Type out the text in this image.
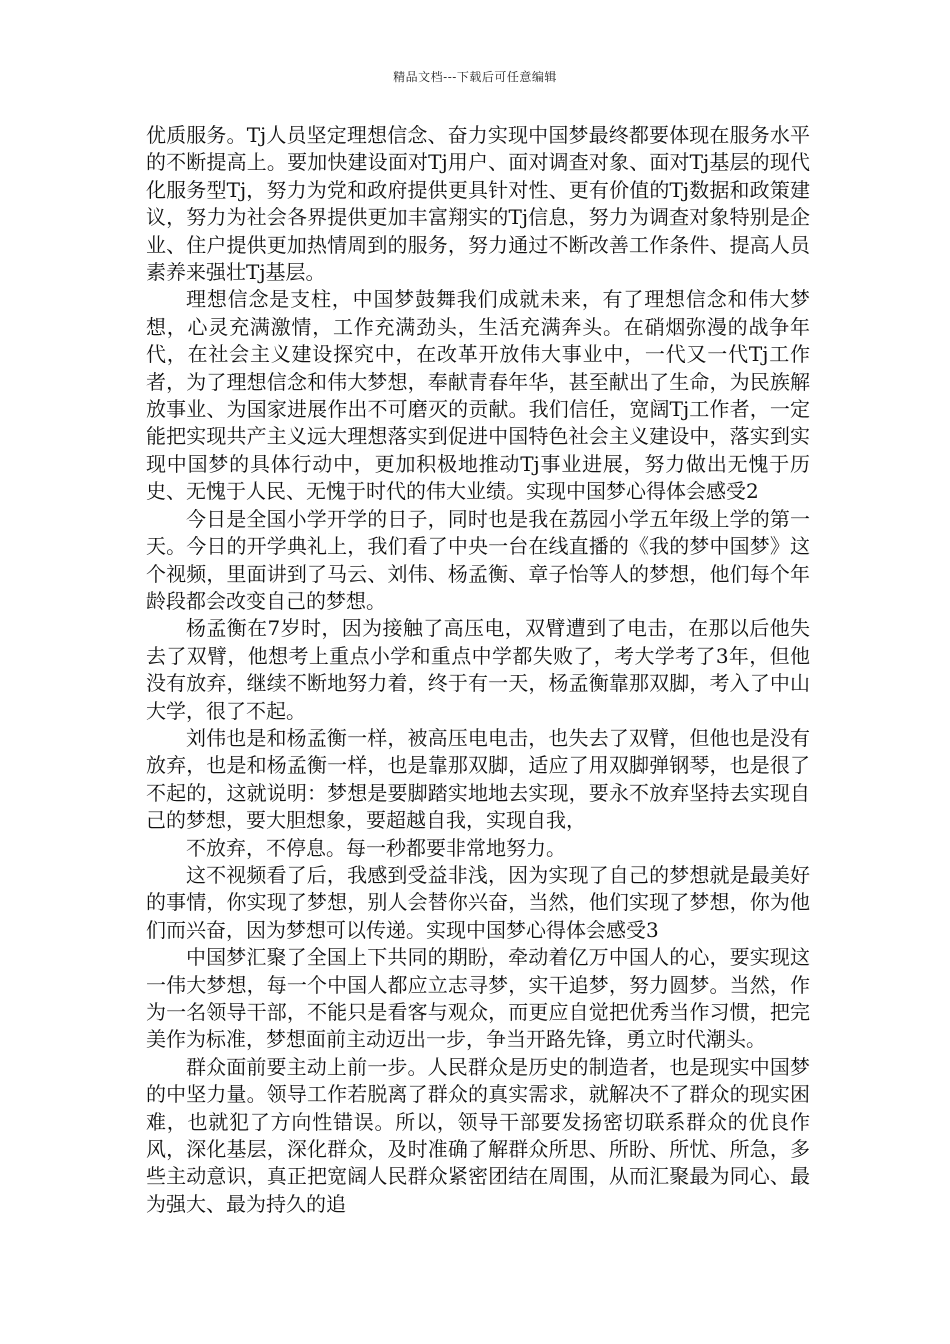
精品文档---下载后可任意编辑

优质服务。Tj人员坚定理想信念、奋力实现中国梦最终都要体现在服务水平的不断提高上。要加快建设面对Tj用户、面对调查对象、面对Tj基层的现代化服务型Tj，努力为党和政府提供更具针对性、更有价值的Tj数据和政策建议，努力为社会各界提供更加丰富翔实的Tj信息，努力为调查对象特别是企业、住户提供更加热情周到的服务，努力通过不断改善工作条件、提高人员素养来强壮Tj基层。

理想信念是支柱，中国梦鼓舞我们成就未来，有了理想信念和伟大梦想，心灵充满激情，工作充满劲头，生活充满奔头。在硝烟弥漫的战争年代，在社会主义建设探究中，在改革开放伟大事业中，一代又一代Tj工作者，为了理想信念和伟大梦想，奉献青春年华，甚至献出了生命，为民族解放事业、为国家进展作出不可磨灭的贡献。我们信任，宽阔Tj工作者，一定能把实现共产主义远大理想落实到促进中国特色社会主义建设中，落实到实现中国梦的具体行动中，更加积极地推动Tj事业进展，努力做出无愧于历史、无愧于人民、无愧于时代的伟大业绩。实现中国梦心得体会感受2

今日是全国小学开学的日子，同时也是我在荔园小学五年级上学的第一天。今日的开学典礼上，我们看了中央一台在线直播的《我的梦中国梦》这个视频，里面讲到了马云、刘伟、杨孟衡、章子怡等人的梦想，他们每个年龄段都会改变自己的梦想。

杨孟衡在7岁时，因为接触了高压电，双臂遭到了电击，在那以后他失去了双臂，他想考上重点小学和重点中学都失败了，考大学考了3年，但他没有放弃，继续不断地努力着，终于有一天，杨孟衡靠那双脚，考入了中山大学，很了不起。

刘伟也是和杨孟衡一样，被高压电电击，也失去了双臂，但他也是没有放弃，也是和杨孟衡一样，也是靠那双脚，适应了用双脚弹钢琴，也是很了不起的，这就说明：梦想是要脚踏实地地去实现，要永不放弃坚持去实现自己的梦想，要大胆想象，要超越自我，实现自我，

不放弃，不停息。每一秒都要非常地努力。

这不视频看了后，我感到受益非浅，因为实现了自己的梦想就是最美好的事情，你实现了梦想，别人会替你兴奋，当然，他们实现了梦想，你为他们而兴奋，因为梦想可以传递。实现中国梦心得体会感受3

中国梦汇聚了全国上下共同的期盼，牵动着亿万中国人的心，要实现这一伟大梦想，每一个中国人都应立志寻梦，实干追梦，努力圆梦。当然，作为一名领导干部，不能只是看客与观众，而更应自觉把优秀当作习惯，把完美作为标准，梦想面前主动迈出一步，争当开路先锋，勇立时代潮头。

群众面前要主动上前一步。人民群众是历史的制造者，也是现实中国梦的中坚力量。领导工作若脱离了群众的真实需求，就解决不了群众的现实困难，也就犯了方向性错误。所以，领导干部要发扬密切联系群众的优良作风，深化基层，深化群众，及时准确了解群众所思、所盼、所忧、所急，多些主动意识，真正把宽阔人民群众紧密团结在周围，从而汇聚最为同心、最为强大、最为持久的追
